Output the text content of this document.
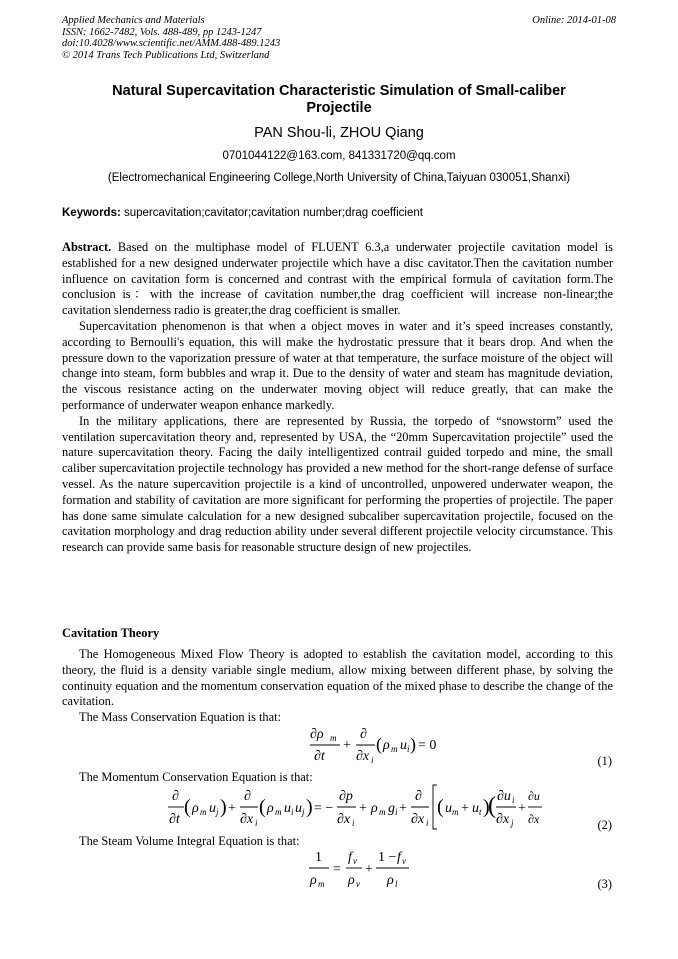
Applied Mechanics and Materials
ISSN: 1662-7482, Vols. 488-489, pp 1243-1247
doi:10.4028/www.scientific.net/AMM.488-489.1243
© 2014 Trans Tech Publications Ltd, Switzerland
Online: 2014-01-08
Natural Supercavitation Characteristic Simulation of Small-caliber
Projectile
PAN Shou-li, ZHOU Qiang
0701044122@163.com, 841331720@qq.com
(Electromechanical Engineering College,North University of China,Taiyuan 030051,Shanxi)
Keywords: supercavitation;cavitator;cavitation number;drag coefficient

Abstract. Based on the multiphase model of FLUENT 6.3,a underwater projectile cavitation model is established for a new designed underwater projectile which have a disc cavitator.Then the cavitation number influence on cavitation form is concerned and contrast with the empirical formula of cavitation form.The conclusion is：with the increase of cavitation number,the drag coefficient will increase non-linear;the cavitation slenderness radio is greater,the drag coefficient is smaller.

Supercavitation phenomenon is that when a object moves in water and it’s speed increases constantly, according to Bernoulli's equation, this will make the hydrostatic pressure that it bears drop. And when the pressure down to the vaporization pressure of water at that temperature, the surface moisture of the object will change into steam, form bubbles and wrap it. Due to the density of water and steam has magnitude deviation, the viscous resistance acting on the underwater moving object will reduce greatly, that can make the performance of underwater weapon enhance markedly.

In the military applications, there are represented by Russia, the torpedo of “snowstorm” used the ventilation supercavitation theory and, represented by USA, the “20mm Supercavitation projectile” used the nature supercavitation theory. Facing the daily intelligentized contrail guided torpedo and mine, the small caliber supercavitation projectile technology has provided a new method for the short-range defense of surface vessel. As the nature supercavition projectile is a kind of uncontrolled, unpowered underwater weapon, the formation and stability of cavitation are more significant for performing the properties of projectile. The paper has done same simulate calculation for a new designed subcaliber supercavitation projectile, focused on the cavitation morphology and drag reduction ability under several different projectile velocity circumstance. This research can provide same basis for reasonable structure design of new projectiles.

Cavitation Theory

The Homogeneous Mixed Flow Theory is adopted to establish the cavitation model, according to this theory, the fluid is a density variable single medium, allow mixing between different phase, by solving the continuity equation and the momentum conservation equation of the mixed phase to describe the change of the cavitation.

The Mass Conservation Equation is that:
∂ρ m
∂t
+
∂
∂x i
( ρ m u i ) = 0
(1)
The Momentum Conservation Equation is that:
∂
∂t
( ρ m u j ) +
∂
∂x i
( ρ m u i u j ) = −
∂p
∂x i
+ ρ m g i +
∂
∂x i
( u m + u t )
( ∂u i
∂x j
+
∂u
∂x	(2)
The Steam Volume Integral Equation is that:
1
ρ m
=
f v
ρ v
+
1 − f v
ρ l	(3)
